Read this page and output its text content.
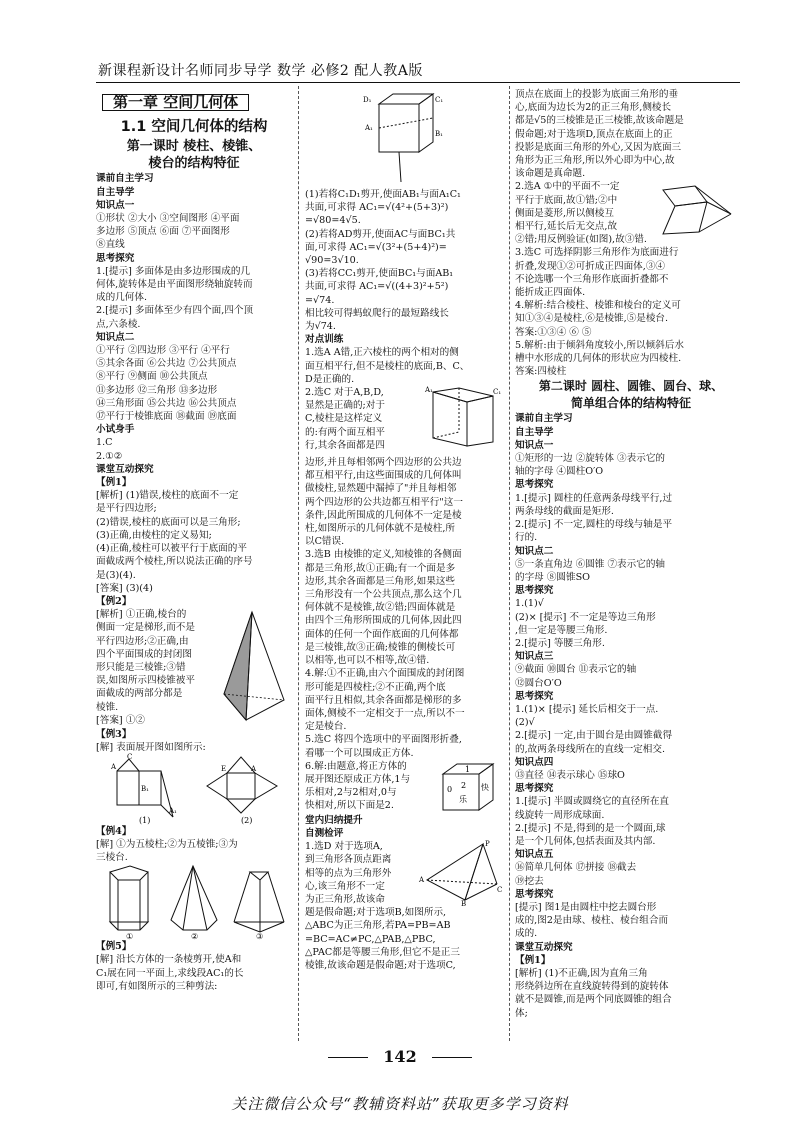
新课程新设计名师同步导学 数学 必修2 配人教A版
第一章 空间几何体
1.1 空间几何体的结构
第一课时 棱柱、棱锥、
棱台的结构特征
课前自主学习
自主导学
知识点一
①形状 ②大小 ③空间图形 ④平面
多边形 ⑤顶点 ⑥面 ⑦平面图形
⑧直线
思考探究
1.[提示] 多面体是由多边形围成的几
何体,旋转体是由平面图形绕轴旋转而
成的几何体.
2.[提示] 多面体至少有四个面,四个顶
点,六条棱.
知识点二
①平行 ②四边形 ③平行 ④平行
⑤其余各面 ⑥公共边 ⑦公共顶点
⑧平行 ⑨侧面 ⑩公共顶点
⑪多边形 ⑫三角形 ⑬多边形
⑭三角形面 ⑮公共边 ⑯公共顶点
⑰平行于棱锥底面 ⑱截面 ⑲底面
小试身手
1.C
2.①②
课堂互动探究
【例1】
[解析] (1)错误,棱柱的底面不一定
是平行四边形;
(2)错误,棱柱的底面可以是三角形;
(3)正确,由棱柱的定义易知;
(4)正确,棱柱可以被平行于底面的平
面截成两个棱柱,所以说法正确的序号
是(3)(4).
[答案] (3)(4)
【例2】
[解析] ①正确,棱台的
侧面一定是梯形,而不是
平行四边形;②正确,由
四个平面围成的封闭图
形只能是三棱锥;③错
误,如图所示四棱锥被平
面截成的两部分都是
棱锥.
[答案] ①②
【例3】
[解] 表面展开图如图所示:
A
C
B₁
A₁
(1)
E	A
(2)
【例4】
[解] ①为五棱柱;②为五棱锥;③为
三棱台.
①	②	③
【例5】
[解] 沿长方体的一条棱剪开,使A和
C₁展在同一平面上,求线段AC₁的长
即可,有如图所示的三种剪法:
D₁
A₁
C₁
B₁
(1)若将C₁D₁剪开,使面AB₁与面A₁C₁
共面,可求得 AC₁=√(4²+(5+3)²)
=√80=4√5.
(2)若将AD剪开,使面AC与面BC₁共
面,可求得 AC₁=√(3²+(5+4)²)=
√90=3√10.
(3)若将CC₁剪开,使面BC₁与面AB₁
共面,可求得 AC₁=√((4+3)²+5²)
=√74.
相比较可得蚂蚁爬行的最短路线长
为√74.
对点训练
1.选A A错,正六棱柱的两个相对的侧
面互相平行,但不是棱柱的底面,B、C、
D是正确的.
2.选C 对于A,B,D,
显然是正确的;对于
C,棱柱是这样定义
的:有两个面互相平
行,其余各面都是四
A₁	C₁
边形,并且每相邻两个四边形的公共边
都互相平行,由这些面围成的几何体叫
做棱柱,显然题中漏掉了"并且每相邻
两个四边形的公共边都互相平行"这一
条件,因此所围成的几何体不一定是棱
柱,如图所示的几何体就不是棱柱,所
以C错误.
3.选B 由棱锥的定义,知棱锥的各侧面
都是三角形,故①正确;有一个面是多
边形,其余各面都是三角形,如果这些
三角形没有一个公共顶点,那么这个几
何体就不是棱锥,故②错;四面体就是
由四个三角形所围成的几何体,因此四
面体的任何一个面作底面的几何体都
是三棱锥,故③正确;棱锥的侧棱长可
以相等,也可以不相等,故④错.
4.解:①不正确,由六个面围成的封闭图
形可能是四棱柱;②不正确,两个底
面平行且相似,其余各面都是梯形的多
面体,侧棱不一定相交于一点,所以不一
定是棱台.
5.选C 将四个选项中的平面图形折叠,
看哪一个可以围成正方体.
6.解:由题意,将正方体的
展开图还原成正方体,1与
乐相对,2与2相对,0与
快相对,所以下面是2.
0 2
乐
快
1
堂内归纳提升
自测检评
1.选D 对于选项A,
到三角形各顶点距离
相等的点为三角形外
心,该三角形不一定
为正三角形,故该命
题是假命题;对于选项B,如图所示,
△ABC为正三角形,若PA=PB=AB
=BC=AC≠PC,△PAB,△PBC,
△PAC都是等腰三角形,但它不是正三
棱锥,故该命题是假命题;对于选项C,
P
A
B
C
顶点在底面上的投影为底面三角形的垂
心,底面为边长为2的正三角形,侧棱长
都是√5的三棱锥是正三棱锥,故该命题是
假命题;对于选项D,顶点在底面上的正
投影是底面三角形的外心,又因为底面三
角形为正三角形,所以外心即为中心,故
该命题是真命题.
2.选A ①中的平面不一定
平行于底面,故①错;②中
侧面是菱形,所以侧棱互
相平行,延长后无交点,故
②错;用反例验证(如图),故③错.
3.选C 可选择阴影三角形作为底面进行
折叠,发现①②可折成正四面体,③④
不论选哪一个三角形作底面折叠都不
能折成正四面体.
4.解析:结合棱柱、棱锥和棱台的定义可
知①③④是棱柱,⑥是棱锥,⑤是棱台.
答案:①③④ ⑥ ⑤
5.解析:由于倾斜角度较小,所以倾斜后水
槽中水形成的几何体的形状应为四棱柱.
答案:四棱柱
第二课时 圆柱、圆锥、圆台、球、
简单组合体的结构特征
课前自主学习
自主导学
知识点一
①矩形的一边 ②旋转体 ③表示它的
轴的字母 ④圆柱O′O
思考探究
1.[提示] 圆柱的任意两条母线平行,过
两条母线的截面是矩形.
2.[提示] 不一定,圆柱的母线与轴是平
行的.
知识点二
⑤一条直角边 ⑥圆锥 ⑦表示它的轴
的字母 ⑧圆锥SO
思考探究
1.(1)√
(2)× [提示] 不一定是等边三角形
,但一定是等腰三角形.
2.[提示] 等腰三角形.
知识点三
⑨截面 ⑩圆台 ⑪表示它的轴
⑫圆台O′O
思考探究
1.(1)× [提示] 延长后相交于一点.
(2)√
2.[提示] 一定,由于圆台是由圆锥截得
的,故两条母线所在的直线一定相交.
知识点四
⑬直径 ⑭表示球心 ⑮球O
思考探究
1.[提示] 半圆或圆绕它的直径所在直
线旋转一周形成球面.
2.[提示] 不是,得到的是一个圆面,球
是一个几何体,包括表面及其内部.
知识点五
⑯简单几何体 ⑰拼接 ⑱截去
⑲挖去
思考探究
[提示] 图1是由圆柱中挖去圆台形
成的,图2是由球、棱柱、棱台组合而
成的.
课堂互动探究
【例1】
[解析] (1)不正确,因为直角三角
形绕斜边所在直线旋转得到的旋转体
就不是圆锥,而是两个同底圆锥的组合
体;
142
关注微信公众号“教辅资料站”获取更多学习资料
